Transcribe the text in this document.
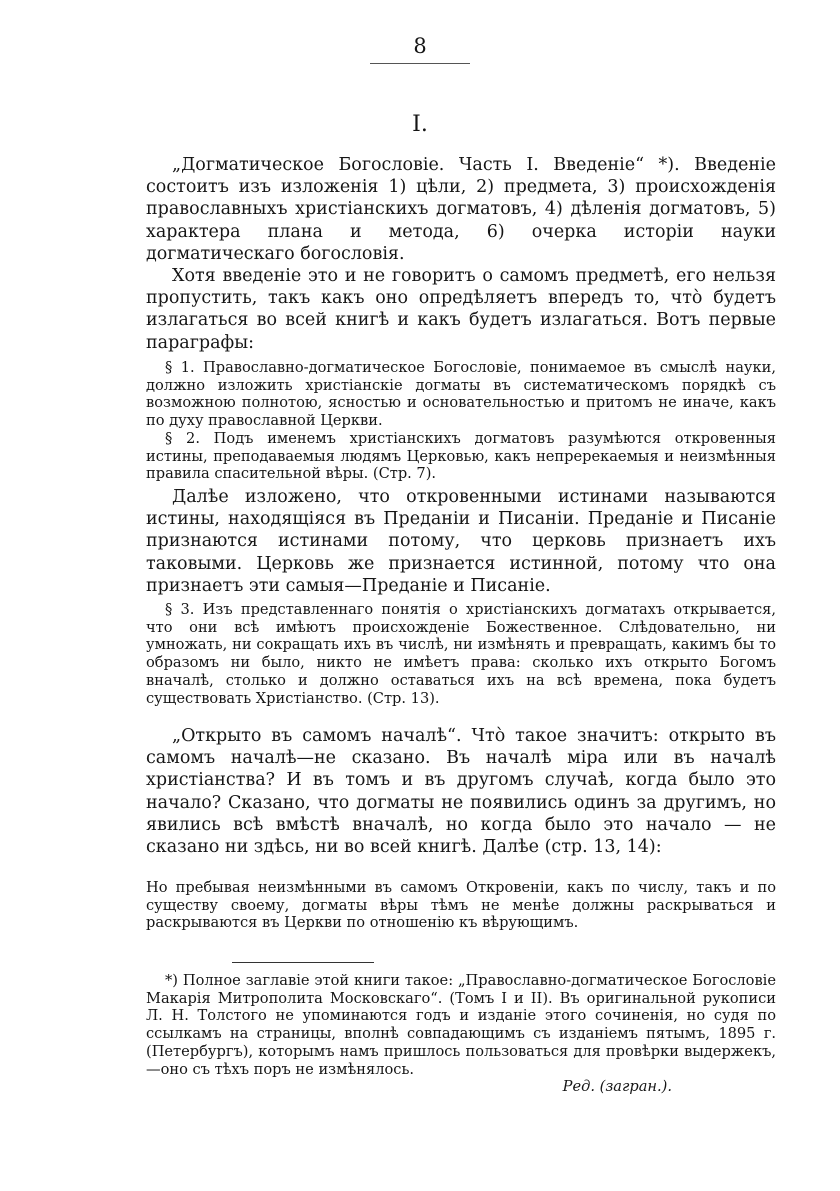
8
I.

„Догматическое Богословіе. Часть I. Введеніе“ *). Введеніе состоитъ изъ изложенія 1) цѣли, 2) предмета, 3) происхожденія православныхъ христіанскихъ догматовъ, 4) дѣленія догматовъ, 5) характера плана и метода, 6) очерка исторіи науки догматическаго богословія.

Хотя введеніе это и не говоритъ о самомъ предметѣ, его нельзя пропустить, такъ какъ оно опредѣляетъ впередъ то, что̀ будетъ излагаться во всей книгѣ и какъ будетъ излагаться. Вотъ первые параграфы:

§ 1. Православно-догматическое Богословіе, понимаемое въ смыслѣ науки, должно изложить христіанскіе догматы въ систематическомъ порядкѣ съ возможною полнотою, ясностью и основательностью и притомъ не иначе, какъ по духу православной Церкви.

§ 2. Подъ именемъ христіанскихъ догматовъ разумѣются откровенныя истины, преподаваемыя людямъ Церковью, какъ непререкаемыя и неизмѣнныя правила спасительной вѣры. (Стр. 7).

Далѣе изложено, что откровенными истинами называются истины, находящіяся въ Преданіи и Писаніи. Преданіе и Писаніе признаются истинами потому, что церковь признаетъ ихъ таковыми. Церковь же признается истинной, потому что она признаетъ эти самыя—Преданіе и Писаніе.

§ 3. Изъ представленнаго понятія о христіанскихъ догматахъ открывается, что они всѣ имѣютъ происхожденіе Божественное. Слѣдовательно, ни умножать, ни сокращать ихъ въ числѣ, ни измѣнять и превращать, какимъ бы то образомъ ни было, никто не имѣетъ права: сколько ихъ открыто Богомъ вначалѣ, столько и должно оставаться ихъ на всѣ времена, пока будетъ существовать Христіанство. (Стр. 13).

„Открыто въ самомъ началѣ“. Что̀ такое значитъ: открыто въ самомъ началѣ—не сказано. Въ началѣ міра или въ началѣ христіанства? И въ томъ и въ другомъ случаѣ, когда было это начало? Сказано, что догматы не появились одинъ за другимъ, но явились всѣ вмѣстѣ вначалѣ, но когда было это начало — не сказано ни здѣсь, ни во всей книгѣ. Далѣе (стр. 13, 14):

Но пребывая неизмѣнными въ самомъ Откровеніи, какъ по числу, такъ и по существу своему, догматы вѣры тѣмъ не менѣе должны раскрываться и раскрываются въ Церкви по отношенію къ вѣрующимъ.

*) Полное заглавіе этой книги такое: „Православно-догматическое Богословіе Макарія Митрополита Московскаго“. (Томъ I и II). Въ оригинальной рукописи Л. Н. Толстого не упоминаются годъ и изданіе этого сочиненія, но судя по ссылкамъ на страницы, вполнѣ совпадающимъ съ изданіемъ пятымъ, 1895 г. (Петербургъ), которымъ намъ пришлось пользоваться для провѣрки выдержекъ,—оно съ тѣхъ поръ не измѣнялось.

Ред. (загран.).
